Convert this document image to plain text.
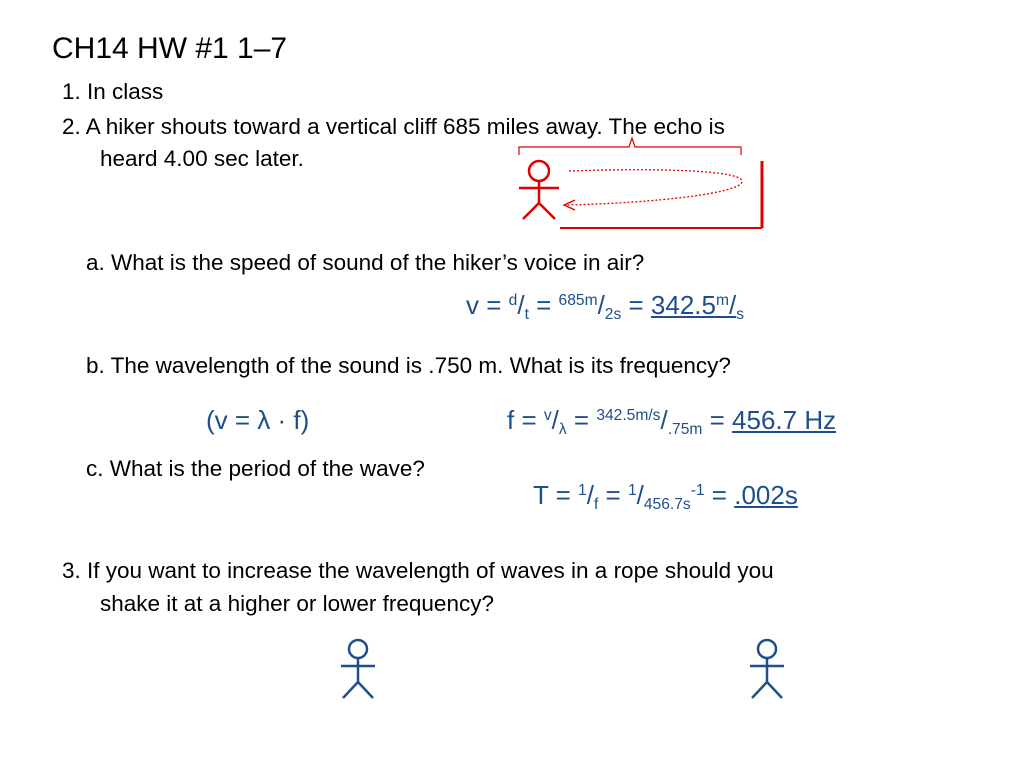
CH14 HW #1 1–7
1. In class
2. A hiker shouts toward a vertical cliff 685 miles away. The echo is
heard 4.00 sec later.
a. What is the speed of sound of the hiker’s voice in air?
$v = ^d/_t = ^{685m}/_{2s} = 342.5^m/_s$
b. The wavelength of the sound is .750 m. What is its frequency?
(v = λ · f)	$f = ^v/_\lambda = ^{342.5m/s}/_{.75m} = 456.7$ Hz
c. What is the period of the wave?
$T = ^1/_f = ^1/_{456.7s}^{-1} = .002s$
3. If you want to increase the wavelength of waves in a rope should you
shake it at a higher or lower frequency?
